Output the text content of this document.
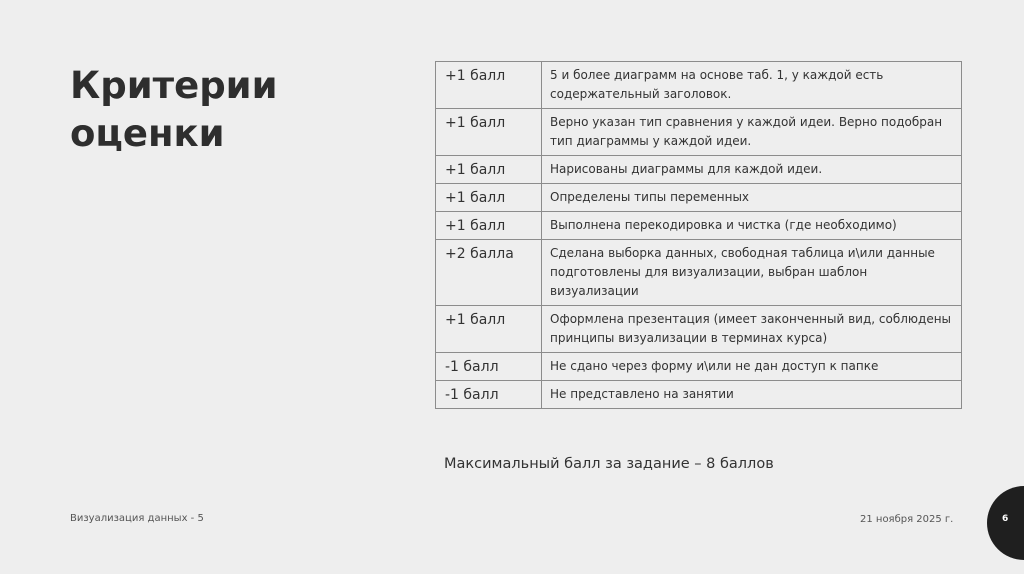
Критерии
оценки
+1 балл	5 и более диаграмм на основе таб. 1, у каждой есть содержательный заголовок.
+1 балл	Верно указан тип сравнения у каждой идеи. Верно подобран тип диаграммы у каждой идеи.
+1 балл	Нарисованы диаграммы для каждой идеи.
+1 балл	Определены типы переменных
+1 балл	Выполнена перекодировка и чистка (где необходимо)
+2 балла	Сделана выборка данных, свободная таблица и\или данные подготовлены для визуализации, выбран шаблон визуализации
+1 балл	Оформлена презентация (имеет законченный вид, соблюдены принципы визуализации в терминах курса)
-1 балл	Не сдано через форму и\или не дан доступ к папке
-1 балл	Не представлено на занятии
Максимальный балл за задание – 8 баллов
Визуализация данных - 5	21 ноября 2025 г.	6
